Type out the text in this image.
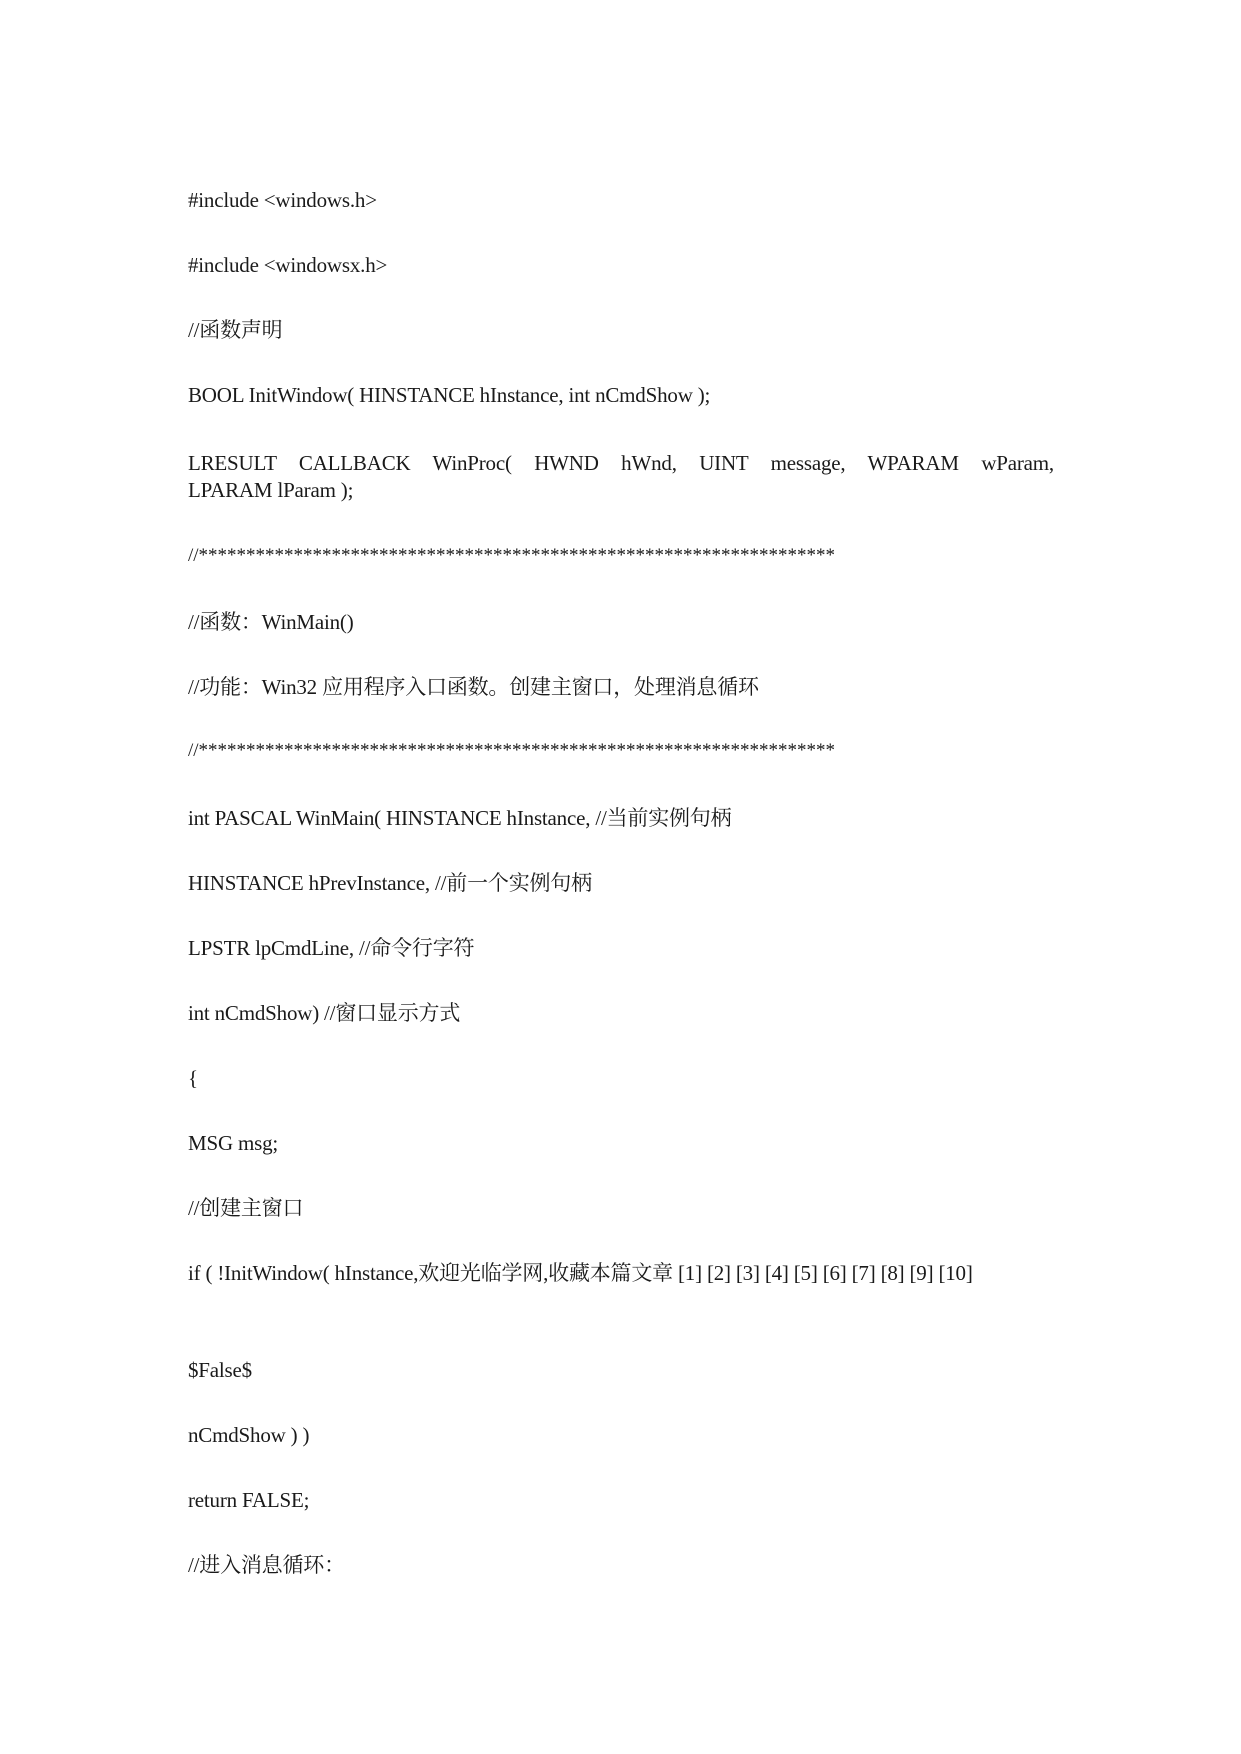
#include <windows.h>
#include <windowsx.h>
//函数声明
BOOL InitWindow( HINSTANCE hInstance, int nCmdShow );
LRESULT CALLBACK WinProc( HWND hWnd, UINT message, WPARAM wParam,
LPARAM lParam );
//*******************************************************************
//函数：WinMain()
//功能：Win32 应用程序入口函数。创建主窗口，处理消息循环
//*******************************************************************
int PASCAL WinMain( HINSTANCE hInstance, //当前实例句柄
HINSTANCE hPrevInstance, //前一个实例句柄
LPSTR lpCmdLine, //命令行字符
int nCmdShow) //窗口显示方式
{
MSG msg;
//创建主窗口
if ( !InitWindow( hInstance,欢迎光临学网,收藏本篇文章 [1] [2] [3] [4] [5] [6] [7] [8] [9] [10]
$False$
nCmdShow ) )
return FALSE;
//进入消息循环：
